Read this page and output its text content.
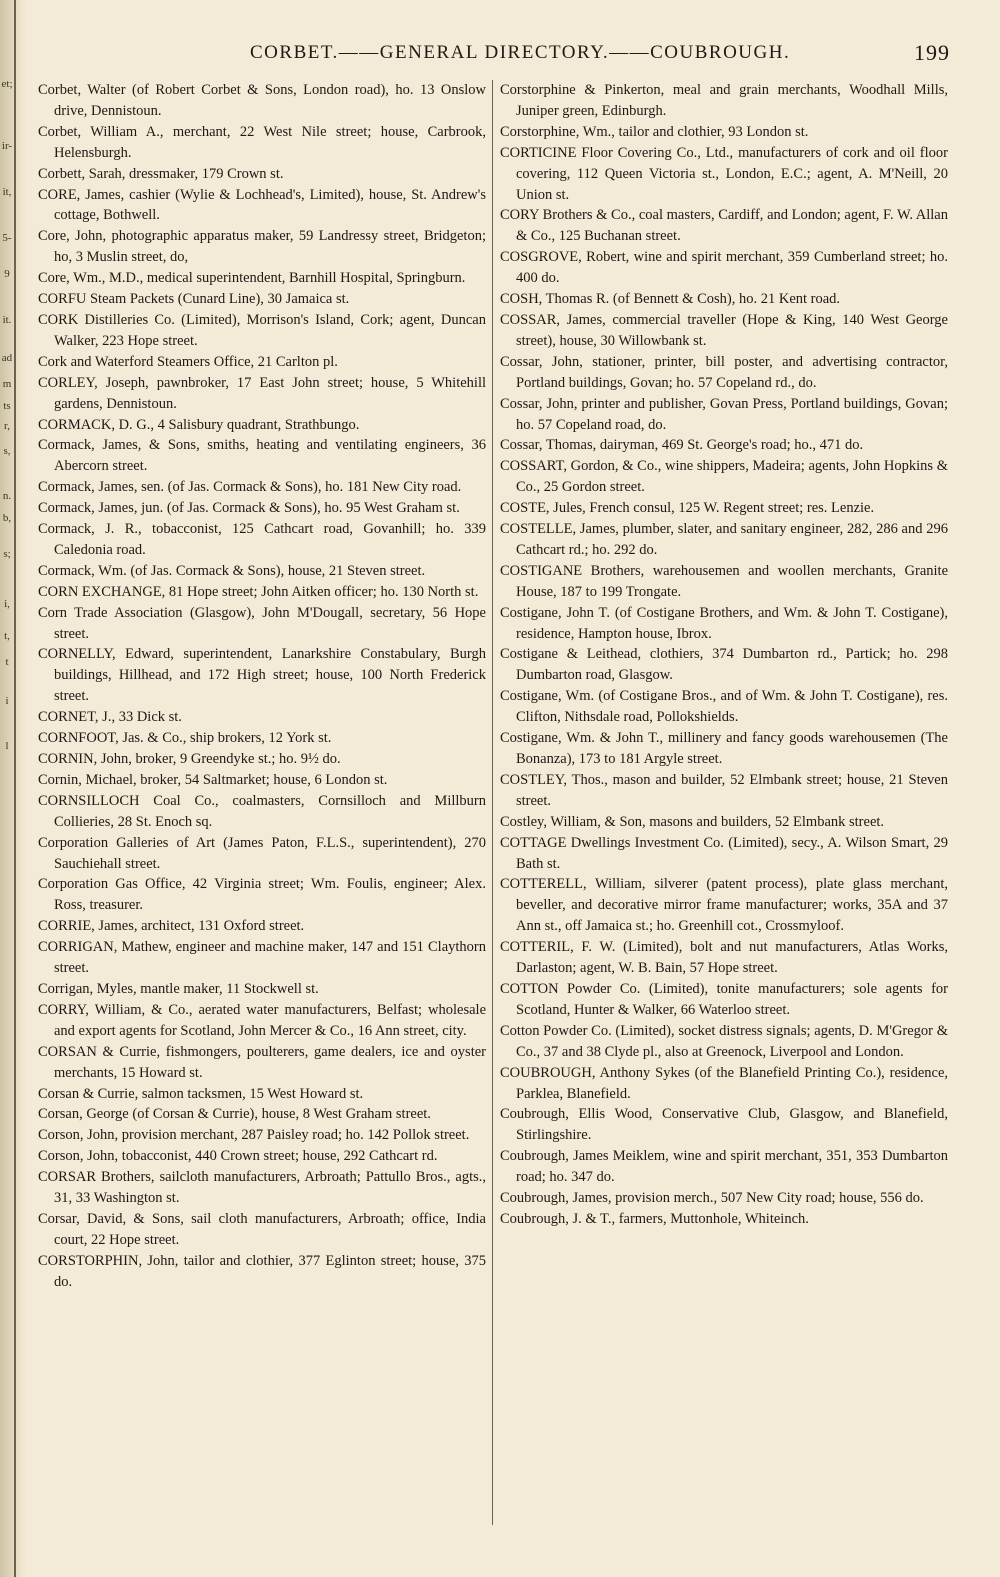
et;
ir-
it,
5-
9
it.
ad
m
ts
r,
s,
n.
b,
s;
i,
t,
t
i
l
CORBET.——GENERAL DIRECTORY.——COUBROUGH.	199

Corbet, Walter (of Robert Corbet & Sons, London road), ho. 13 Onslow drive, Dennistoun.

Corbet, William A., merchant, 22 West Nile street; house, Carbrook, Helensburgh.

Corbett, Sarah, dressmaker, 179 Crown st.

CORE, James, cashier (Wylie & Lochhead's, Limited), house, St. Andrew's cottage, Bothwell.

Core, John, photographic apparatus maker, 59 Landressy street, Bridgeton; ho, 3 Muslin street, do,

Core, Wm., M.D., medical superintendent, Barnhill Hospital, Springburn.

CORFU Steam Packets (Cunard Line), 30 Jamaica st.

CORK Distilleries Co. (Limited), Morrison's Island, Cork; agent, Duncan Walker, 223 Hope street.

Cork and Waterford Steamers Office, 21 Carlton pl.

CORLEY, Joseph, pawnbroker, 17 East John street; house, 5 Whitehill gardens, Dennistoun.

CORMACK, D. G., 4 Salisbury quadrant, Strathbungo.

Cormack, James, & Sons, smiths, heating and ventilating engineers, 36 Abercorn street.

Cormack, James, sen. (of Jas. Cormack & Sons), ho. 181 New City road.

Cormack, James, jun. (of Jas. Cormack & Sons), ho. 95 West Graham st.

Cormack, J. R., tobacconist, 125 Cathcart road, Govanhill; ho. 339 Caledonia road.

Cormack, Wm. (of Jas. Cormack & Sons), house, 21 Steven street.

CORN EXCHANGE, 81 Hope street; John Aitken officer; ho. 130 North st.

Corn Trade Association (Glasgow), John M'Dougall, secretary, 56 Hope street.

CORNELLY, Edward, superintendent, Lanarkshire Constabulary, Burgh buildings, Hillhead, and 172 High street; house, 100 North Frederick street.

CORNET, J., 33 Dick st.

CORNFOOT, Jas. & Co., ship brokers, 12 York st.

CORNIN, John, broker, 9 Greendyke st.; ho. 9½ do.

Cornin, Michael, broker, 54 Saltmarket; house, 6 London st.

CORNSILLOCH Coal Co., coalmasters, Cornsilloch and Millburn Collieries, 28 St. Enoch sq.

Corporation Galleries of Art (James Paton, F.L.S., superintendent), 270 Sauchiehall street.

Corporation Gas Office, 42 Virginia street; Wm. Foulis, engineer; Alex. Ross, treasurer.

CORRIE, James, architect, 131 Oxford street.

CORRIGAN, Mathew, engineer and machine maker, 147 and 151 Claythorn street.

Corrigan, Myles, mantle maker, 11 Stockwell st.

CORRY, William, & Co., aerated water manufacturers, Belfast; wholesale and export agents for Scotland, John Mercer & Co., 16 Ann street, city.

CORSAN & Currie, fishmongers, poulterers, game dealers, ice and oyster merchants, 15 Howard st.

Corsan & Currie, salmon tacksmen, 15 West Howard st.

Corsan, George (of Corsan & Currie), house, 8 West Graham street.

Corson, John, provision merchant, 287 Paisley road; ho. 142 Pollok street.

Corson, John, tobacconist, 440 Crown street; house, 292 Cathcart rd.

CORSAR Brothers, sailcloth manufacturers, Arbroath; Pattullo Bros., agts., 31, 33 Washington st.

Corsar, David, & Sons, sail cloth manufacturers, Arbroath; office, India court, 22 Hope street.

CORSTORPHIN, John, tailor and clothier, 377 Eglinton street; house, 375 do.

Corstorphine & Pinkerton, meal and grain merchants, Woodhall Mills, Juniper green, Edinburgh.

Corstorphine, Wm., tailor and clothier, 93 London st.

CORTICINE Floor Covering Co., Ltd., manufacturers of cork and oil floor covering, 112 Queen Victoria st., London, E.C.; agent, A. M'Neill, 20 Union st.

CORY Brothers & Co., coal masters, Cardiff, and London; agent, F. W. Allan & Co., 125 Buchanan street.

COSGROVE, Robert, wine and spirit merchant, 359 Cumberland street; ho. 400 do.

COSH, Thomas R. (of Bennett & Cosh), ho. 21 Kent road.

COSSAR, James, commercial traveller (Hope & King, 140 West George street), house, 30 Willowbank st.

Cossar, John, stationer, printer, bill poster, and advertising contractor, Portland buildings, Govan; ho. 57 Copeland rd., do.

Cossar, John, printer and publisher, Govan Press, Portland buildings, Govan; ho. 57 Copeland road, do.

Cossar, Thomas, dairyman, 469 St. George's road; ho., 471 do.

COSSART, Gordon, & Co., wine shippers, Madeira; agents, John Hopkins & Co., 25 Gordon street.

COSTE, Jules, French consul, 125 W. Regent street; res. Lenzie.

COSTELLE, James, plumber, slater, and sanitary engineer, 282, 286 and 296 Cathcart rd.; ho. 292 do.

COSTIGANE Brothers, warehousemen and woollen merchants, Granite House, 187 to 199 Trongate.

Costigane, John T. (of Costigane Brothers, and Wm. & John T. Costigane), residence, Hampton house, Ibrox.

Costigane & Leithead, clothiers, 374 Dumbarton rd., Partick; ho. 298 Dumbarton road, Glasgow.

Costigane, Wm. (of Costigane Bros., and of Wm. & John T. Costigane), res. Clifton, Nithsdale road, Pollokshields.

Costigane, Wm. & John T., millinery and fancy goods warehousemen (The Bonanza), 173 to 181 Argyle street.

COSTLEY, Thos., mason and builder, 52 Elmbank street; house, 21 Steven street.

Costley, William, & Son, masons and builders, 52 Elmbank street.

COTTAGE Dwellings Investment Co. (Limited), secy., A. Wilson Smart, 29 Bath st.

COTTERELL, William, silverer (patent process), plate glass merchant, beveller, and decorative mirror frame manufacturer; works, 35A and 37 Ann st., off Jamaica st.; ho. Greenhill cot., Crossmyloof.

COTTERIL, F. W. (Limited), bolt and nut manufacturers, Atlas Works, Darlaston; agent, W. B. Bain, 57 Hope street.

COTTON Powder Co. (Limited), tonite manufacturers; sole agents for Scotland, Hunter & Walker, 66 Waterloo street.

Cotton Powder Co. (Limited), socket distress signals; agents, D. M'Gregor & Co., 37 and 38 Clyde pl., also at Greenock, Liverpool and London.

COUBROUGH, Anthony Sykes (of the Blanefield Printing Co.), residence, Parklea, Blanefield.

Coubrough, Ellis Wood, Conservative Club, Glasgow, and Blanefield, Stirlingshire.

Coubrough, James Meiklem, wine and spirit merchant, 351, 353 Dumbarton road; ho. 347 do.

Coubrough, James, provision merch., 507 New City road; house, 556 do.

Coubrough, J. & T., farmers, Muttonhole, Whiteinch.
